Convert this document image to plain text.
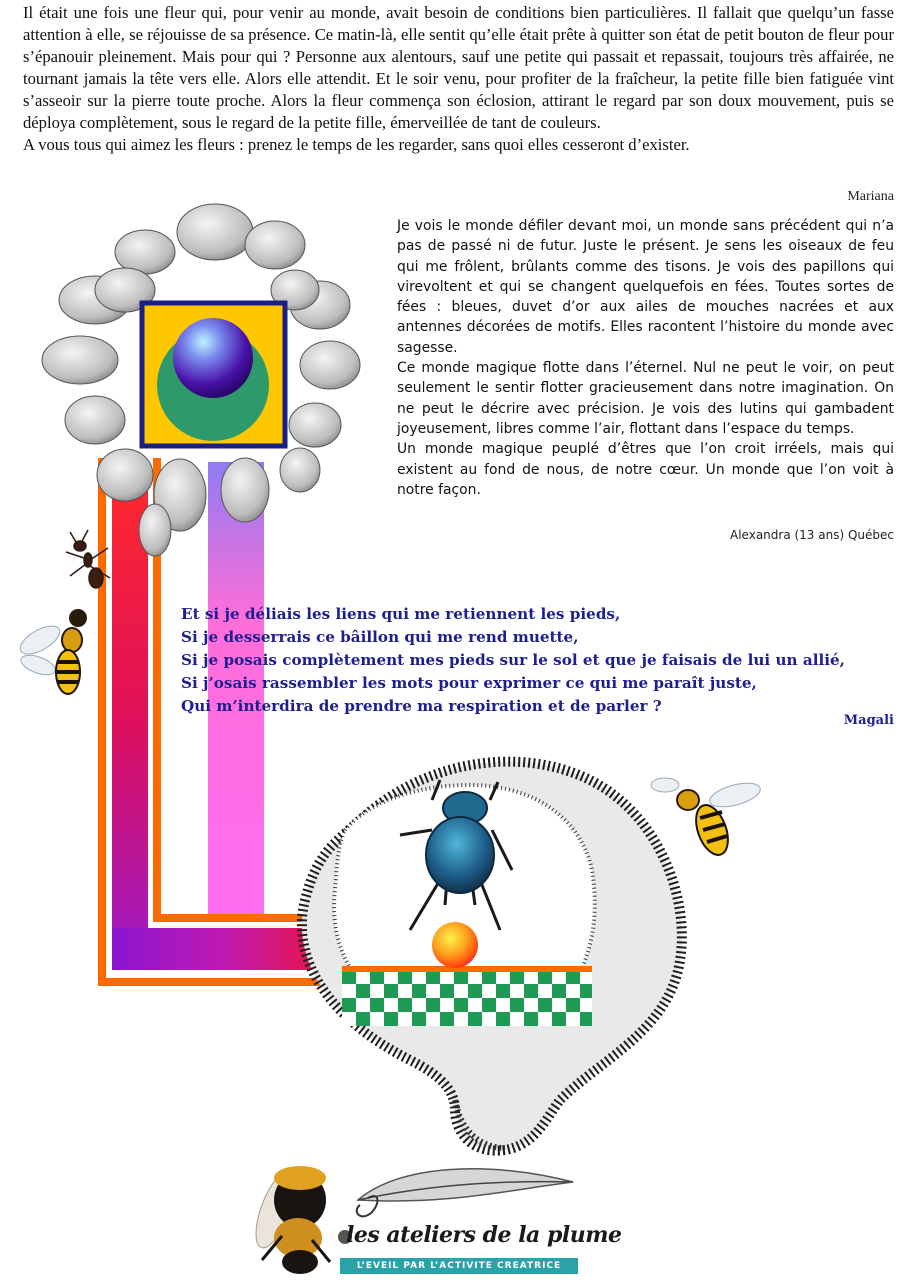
Il était une fois une fleur qui, pour venir au monde, avait besoin de conditions bien particulières. Il fallait que quelqu’un fasse attention à elle, se réjouisse de sa présence. Ce matin-là, elle sentit qu’elle était prête à quitter son état de petit bouton de fleur pour s’épanouir pleinement. Mais pour qui ? Personne aux alentours, sauf une petite qui passait et repassait, toujours très affairée, ne tournant jamais la tête vers elle. Alors elle attendit. Et le soir venu, pour profiter de la fraîcheur, la petite fille bien fatiguée vint s’asseoir sur la pierre toute proche. Alors la fleur commença son éclosion, attirant le regard par son doux mouvement, puis se déploya complètement, sous le regard de la petite fille, émerveillée de tant de couleurs.

A vous tous qui aimez les fleurs : prenez le temps de les regarder, sans quoi elles cesseront d’exister.

Mariana

Je vois le monde défiler devant moi, un monde sans précédent qui n’a pas de passé ni de futur. Juste le présent. Je sens les oiseaux de feu qui me frôlent, brûlants comme des tisons. Je vois des papillons qui virevoltent et qui se changent quelquefois en fées. Toutes sortes de fées : bleues, duvet d’or aux ailes de mouches nacrées et aux antennes décorées de motifs. Elles racontent l’histoire du monde avec sagesse.

Ce monde magique flotte dans l’éternel. Nul ne peut le voir, on peut seulement le sentir flotter gracieusement dans notre imagination. On ne peut le décrire avec précision. Je vois des lutins qui gambadent joyeusement, libres comme l’air, flottant dans l’espace du temps.

Un monde magique peuplé d’êtres que l’on croit irréels, mais qui existent au fond de nous, de notre cœur. Un monde que l’on voit à notre façon.

Alexandra (13 ans) Québec
Et si je déliais les liens qui me retiennent les pieds,
Si je desserrais ce bâillon qui me rend muette,
Si je posais complètement mes pieds sur le sol et que je faisais de lui un allié,
Si j’osais rassembler les mots pour exprimer ce qui me paraît juste,
Qui m’interdira de prendre ma respiration et de parler ?
Magali
les ateliers de la plume
L’EVEIL PAR L’ACTIVITE CREATRICE
